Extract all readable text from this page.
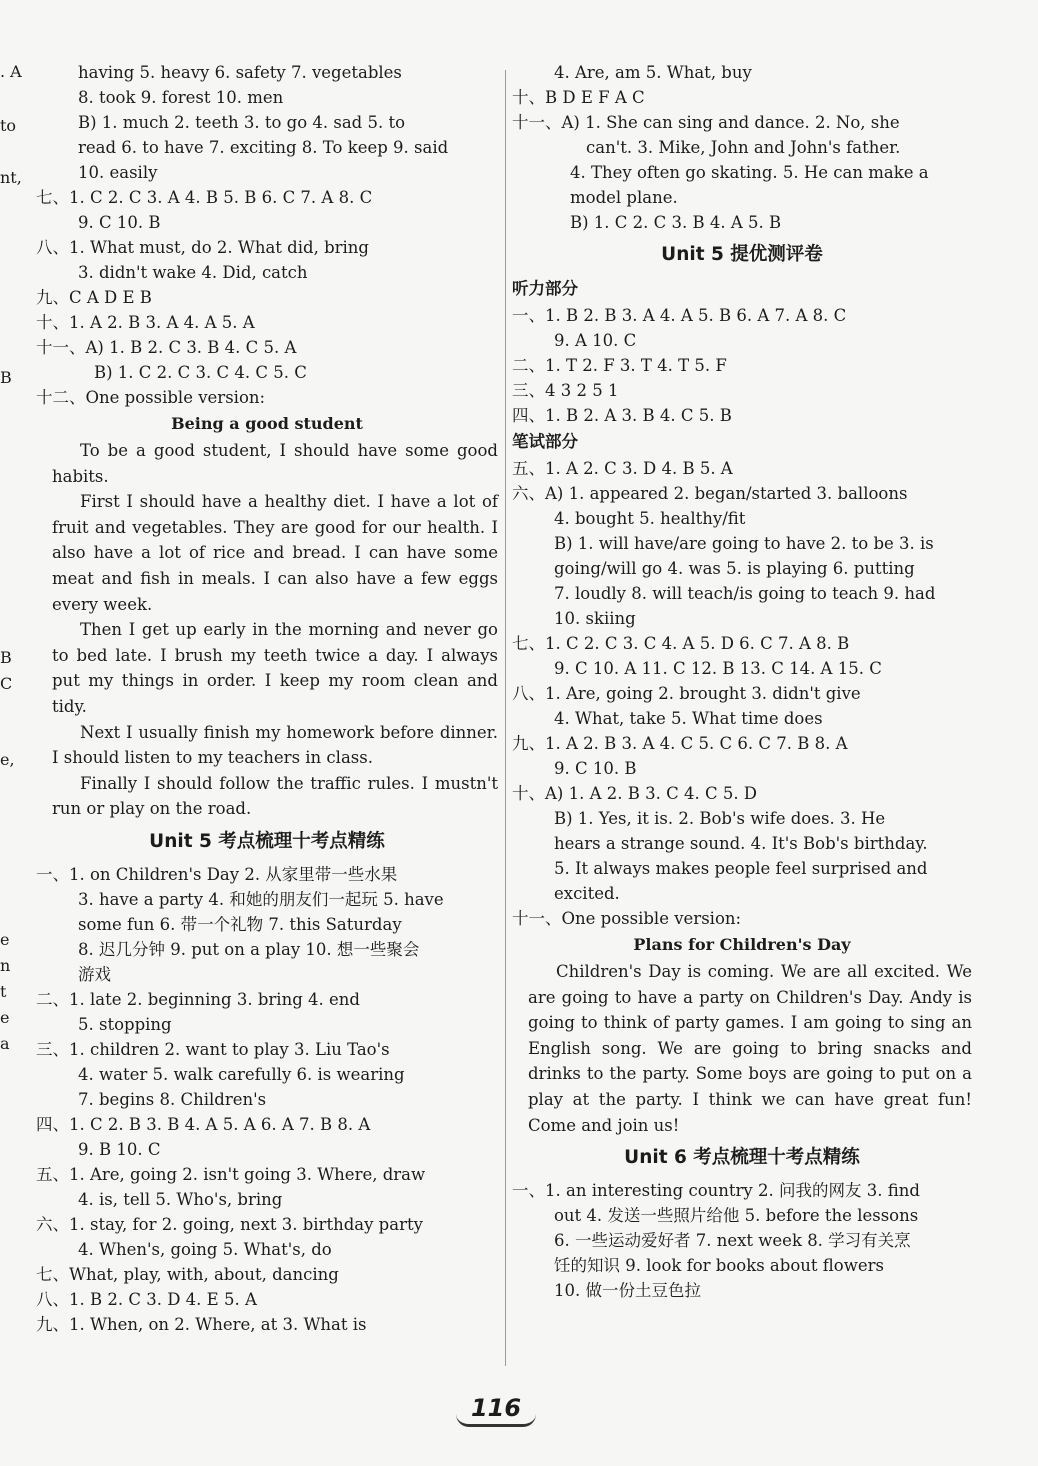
. A
to
nt,
B
B
C
e,
e
n
t
e
a
having 5. heavy 6. safety 7. vegetables
8. took 9. forest 10. men
B) 1. much 2. teeth 3. to go 4. sad 5. to
read 6. to have 7. exciting 8. To keep 9. said
10. easily
七、1. C 2. C 3. A 4. B 5. B 6. C 7. A 8. C
9. C 10. B
八、1. What must, do 2. What did, bring
3. didn't wake 4. Did, catch
九、C A D E B
十、1. A 2. B 3. A 4. A 5. A
十一、A) 1. B 2. C 3. B 4. C 5. A
B) 1. C 2. C 3. C 4. C 5. C
十二、One possible version:
Being a good student
To be a good student, I should have some good habits.
First I should have a healthy diet. I have a lot of fruit and vegetables. They are good for our health. I also have a lot of rice and bread. I can have some meat and fish in meals. I can also have a few eggs every week.
Then I get up early in the morning and never go to bed late. I brush my teeth twice a day. I always put my things in order. I keep my room clean and tidy.
Next I usually finish my homework before dinner. I should listen to my teachers in class.
Finally I should follow the traffic rules. I mustn't run or play on the road.
Unit 5 考点梳理十考点精练
一、1. on Children's Day 2. 从家里带一些水果
3. have a party 4. 和她的朋友们一起玩 5. have
some fun 6. 带一个礼物 7. this Saturday
8. 迟几分钟 9. put on a play 10. 想一些聚会
游戏
二、1. late 2. beginning 3. bring 4. end
5. stopping
三、1. children 2. want to play 3. Liu Tao's
4. water 5. walk carefully 6. is wearing
7. begins 8. Children's
四、1. C 2. B 3. B 4. A 5. A 6. A 7. B 8. A
9. B 10. C
五、1. Are, going 2. isn't going 3. Where, draw
4. is, tell 5. Who's, bring
六、1. stay, for 2. going, next 3. birthday party
4. When's, going 5. What's, do
七、What, play, with, about, dancing
八、1. B 2. C 3. D 4. E 5. A
九、1. When, on 2. Where, at 3. What is
4. Are, am 5. What, buy
十、B D E F A C
十一、A) 1. She can sing and dance. 2. No, she
can't. 3. Mike, John and John's father.
4. They often go skating. 5. He can make a
model plane.
B) 1. C 2. C 3. B 4. A 5. B
Unit 5 提优测评卷
听力部分
一、1. B 2. B 3. A 4. A 5. B 6. A 7. A 8. C
9. A 10. C
二、1. T 2. F 3. T 4. T 5. F
三、4 3 2 5 1
四、1. B 2. A 3. B 4. C 5. B
笔试部分
五、1. A 2. C 3. D 4. B 5. A
六、A) 1. appeared 2. began/started 3. balloons
4. bought 5. healthy/fit
B) 1. will have/are going to have 2. to be 3. is
going/will go 4. was 5. is playing 6. putting
7. loudly 8. will teach/is going to teach 9. had
10. skiing
七、1. C 2. C 3. C 4. A 5. D 6. C 7. A 8. B
9. C 10. A 11. C 12. B 13. C 14. A 15. C
八、1. Are, going 2. brought 3. didn't give
4. What, take 5. What time does
九、1. A 2. B 3. A 4. C 5. C 6. C 7. B 8. A
9. C 10. B
十、A) 1. A 2. B 3. C 4. C 5. D
B) 1. Yes, it is. 2. Bob's wife does. 3. He
hears a strange sound. 4. It's Bob's birthday.
5. It always makes people feel surprised and
excited.
十一、One possible version:
Plans for Children's Day
Children's Day is coming. We are all excited. We are going to have a party on Children's Day. Andy is going to think of party games. I am going to sing an English song. We are going to bring snacks and drinks to the party. Some boys are going to put on a play at the party. I think we can have great fun! Come and join us!
Unit 6 考点梳理十考点精练
一、1. an interesting country 2. 问我的网友 3. find
out 4. 发送一些照片给他 5. before the lessons
6. 一些运动爱好者 7. next week 8. 学习有关烹
饪的知识 9. look for books about flowers
10. 做一份土豆色拉
116
